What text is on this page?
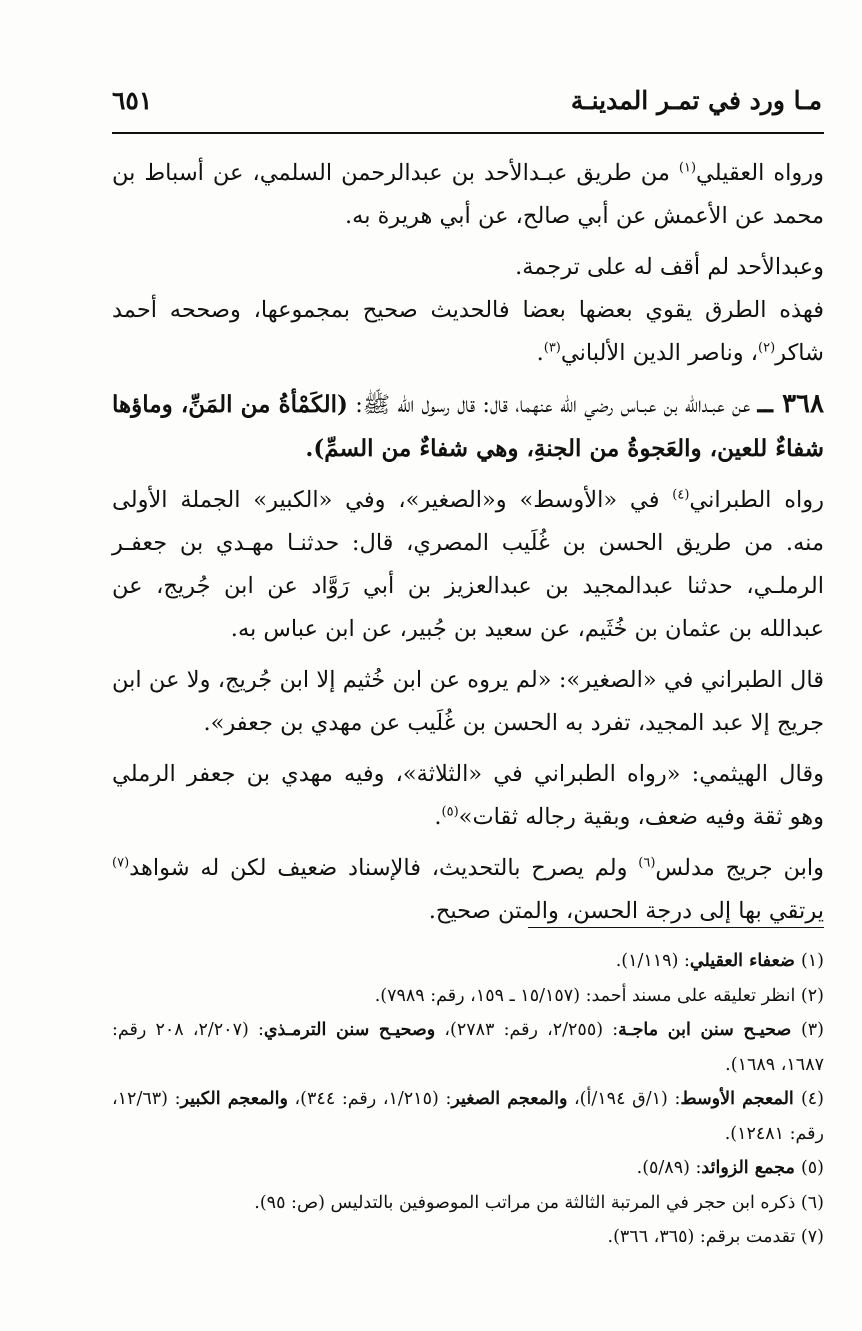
٦٥١	مـا ورد في تمـر المدينـة

ورواه العقيلي$^{(١)}$ من طريق عبـدالأحد بن عبدالرحمن السلمي، عن أسباط بن محمد عن الأعمش عن أبي صالح، عن أبي هريرة به.

وعبدالأحد لم أقف له على ترجمة.

فهذه الطرق يقوي بعضها بعضا فالحديث صحيح بمجموعها، وصححه أحمد شاكر$^{(٢)}$، وناصر الدين الألباني$^{(٣)}$.

٣٦٨ ــ عن عبـدالله بن عبـاس رضي الله عنهما، قال: قال رسول الله ﷺ: (الكَمْأةُ من المَنِّ، وماؤها شفاءٌ للعين، والعَجوةُ من الجنةِ، وهي شفاءٌ من السمِّ).

رواه الطبراني$^{(٤)}$ في «الأوسط» و«الصغير»، وفي «الكبير» الجملة الأولى منه. من طريق الحسن بن غُلَيب المصري، قال: حدثنـا مهـدي بن جعفـر الرملـي، حدثنا عبدالمجيد بن عبدالعزيز بن أبي رَوَّاد عن ابن جُريج، عن عبدالله بن عثمان بن خُثَيم، عن سعيد بن جُبير، عن ابن عباس به.

قال الطبراني في «الصغير»: «لم يروه عن ابن خُثيم إلا ابن جُريج، ولا عن ابن جريج إلا عبد المجيد، تفرد به الحسن بن غُلَيب عن مهدي بن جعفر».

وقال الهيثمي: «رواه الطبراني في «الثلاثة»، وفيه مهدي بن جعفر الرملي وهو ثقة وفيه ضعف، وبقية رجاله ثقات»$^{(٥)}$.

وابن جريج مدلس$^{(٦)}$ ولم يصرح بالتحديث، فالإسناد ضعيف لكن له شواهد$^{(٧)}$ يرتقي بها إلى درجة الحسن، والمتن صحيح.

(١) ضعفاء العقيلي: (١/١١٩).

(٢) انظر تعليقه على مسند أحمد: (١٥/١٥٧ ـ ١٥٩، رقم: ٧٩٨٩).

(٣) صحيـح سنن ابن ماجـة: (٢/٢٥٥، رقم: ٢٧٨٣)، وصحيـح سنن الترمـذي: (٢/٢٠٧، ٢٠٨ رقم: ١٦٨٧، ١٦٨٩).

(٤) المعجم الأوسط: (١/ق ١٩٤/أ)، والمعجم الصغير: (١/٢١٥، رقم: ٣٤٤)، والمعجم الكبير: (١٢/٦٣، رقم: ١٢٤٨١).

(٥) مجمع الزوائد: (٥/٨٩).

(٦) ذكره ابن حجر في المرتبة الثالثة من مراتب الموصوفين بالتدليس (ص: ٩٥).

(٧) تقدمت برقم: (٣٦٥، ٣٦٦).
